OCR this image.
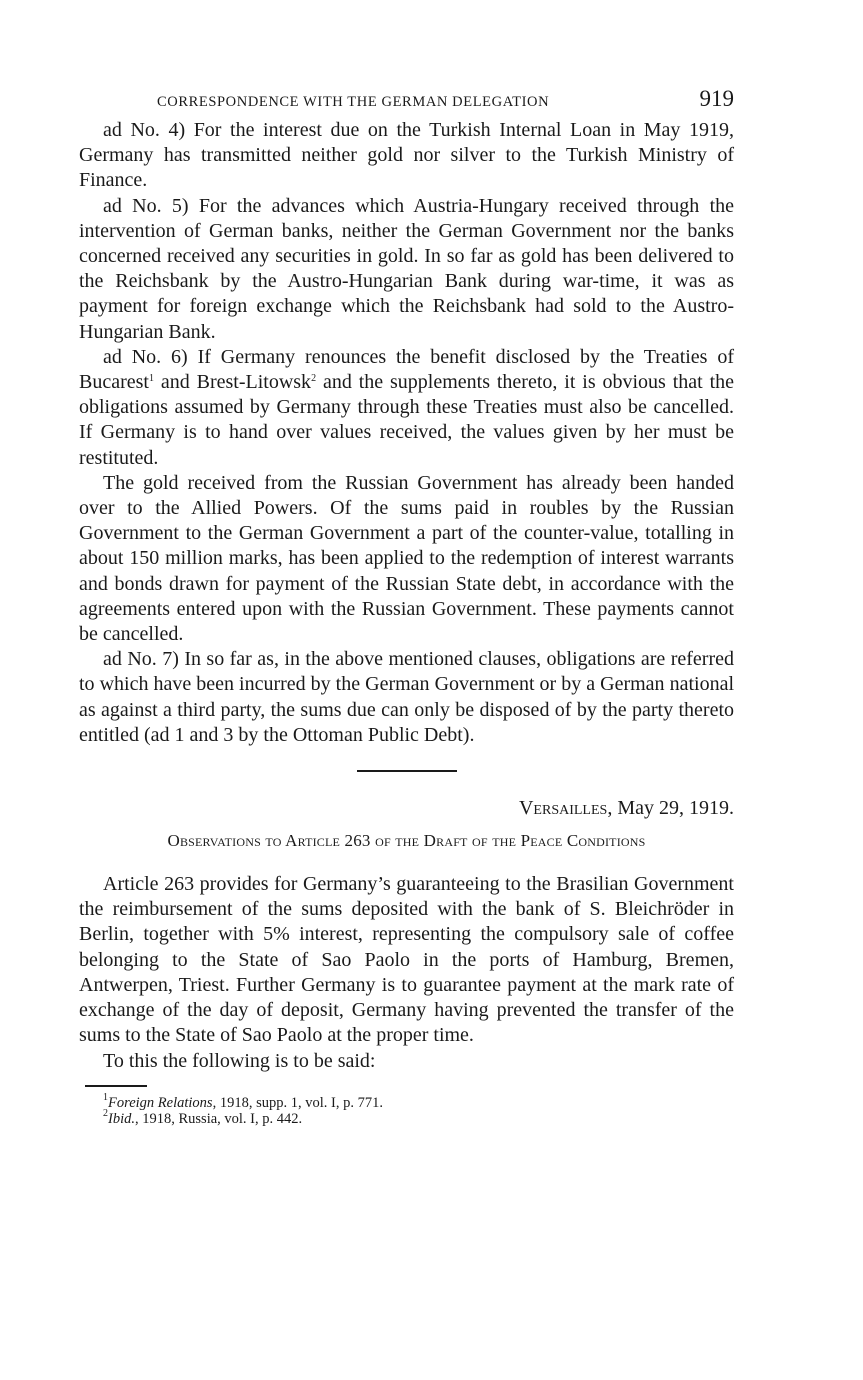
CORRESPONDENCE WITH THE GERMAN DELEGATION	919

ad No. 4) For the interest due on the Turkish Internal Loan in May 1919, Germany has transmitted neither gold nor silver to the Turkish Ministry of Finance.

ad No. 5) For the advances which Austria-Hungary received through the intervention of German banks, neither the German Government nor the banks concerned received any securities in gold. In so far as gold has been delivered to the Reichsbank by the Austro-Hungarian Bank during war-time, it was as payment for foreign exchange which the Reichsbank had sold to the Austro-Hungarian Bank.

ad No. 6) If Germany renounces the benefit disclosed by the Treaties of Bucarest$^1$ and Brest-Litowsk$^2$ and the supplements thereto, it is obvious that the obligations assumed by Germany through these Treaties must also be cancelled. If Germany is to hand over values received, the values given by her must be restituted.

The gold received from the Russian Government has already been handed over to the Allied Powers. Of the sums paid in roubles by the Russian Government to the German Government a part of the counter-value, totalling in about 150 million marks, has been applied to the redemption of interest warrants and bonds drawn for payment of the Russian State debt, in accordance with the agreements entered upon with the Russian Government. These payments cannot be cancelled.

ad No. 7) In so far as, in the above mentioned clauses, obligations are referred to which have been incurred by the German Government or by a German national as against a third party, the sums due can only be disposed of by the party thereto entitled (ad 1 and 3 by the Ottoman Public Debt).

Versailles, May 29, 1919.
Observations to Article 263 of the Draft of the Peace Conditions

Article 263 provides for Germany’s guaranteeing to the Brasilian Government the reimbursement of the sums deposited with the bank of S. Bleichröder in Berlin, together with 5% interest, representing the compulsory sale of coffee belonging to the State of Sao Paolo in the ports of Hamburg, Bremen, Antwerpen, Triest. Further Germany is to guarantee payment at the mark rate of exchange of the day of deposit, Germany having prevented the transfer of the sums to the State of Sao Paolo at the proper time.

To this the following is to be said:

$^1$Foreign Relations, 1918, supp. 1, vol. I, p. 771.
$^2$Ibid., 1918, Russia, vol. I, p. 442.
